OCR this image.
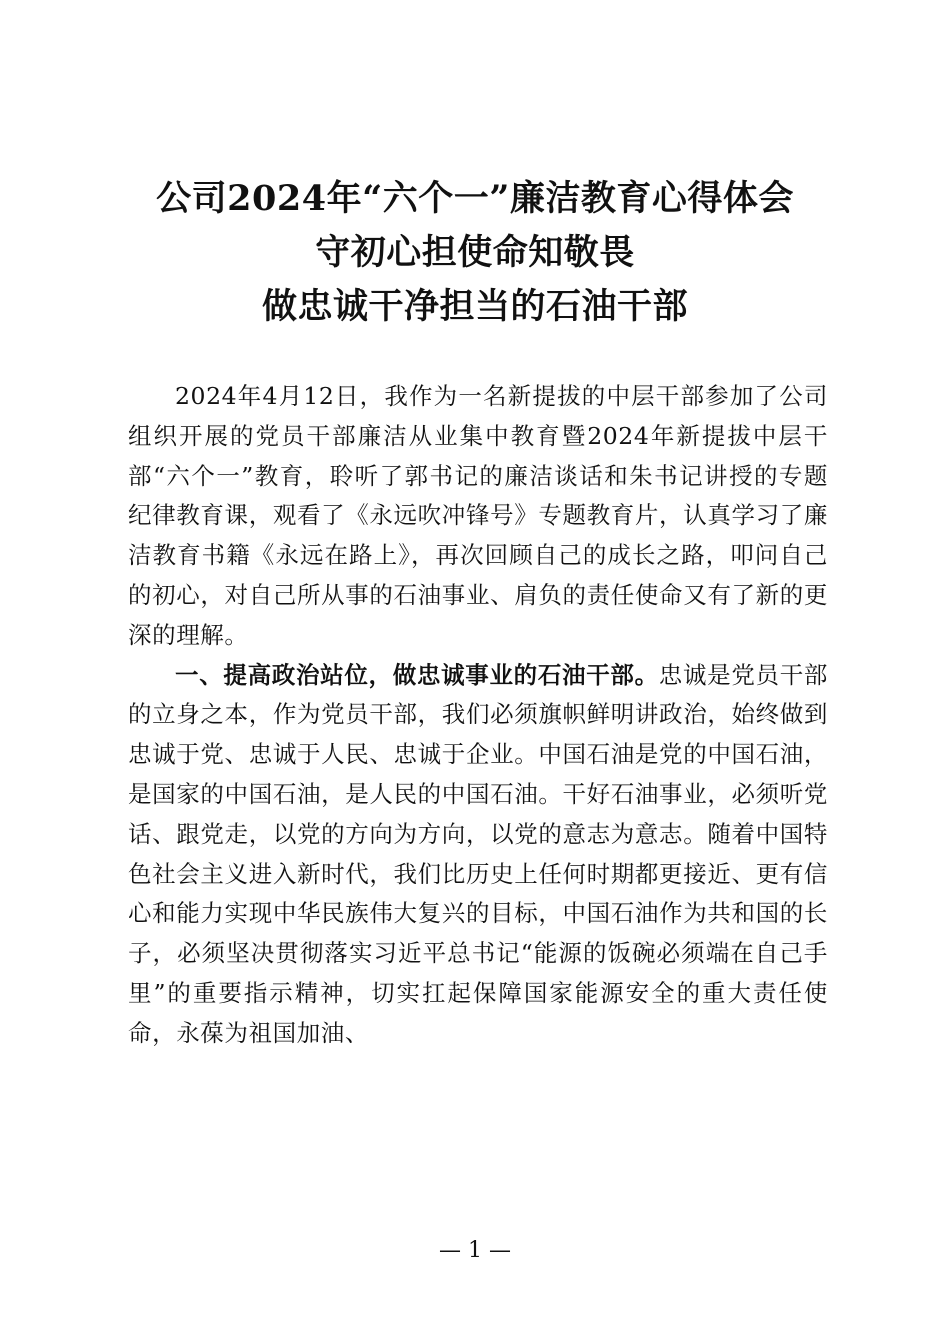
公司2024年“六个一”廉洁教育心得体会
守初心担使命知敬畏
做忠诚干净担当的石油干部

2024年4月12日，我作为一名新提拔的中层干部参加了公司组织开展的党员干部廉洁从业集中教育暨2024年新提拔中层干部“六个一”教育，聆听了郭书记的廉洁谈话和朱书记讲授的专题纪律教育课，观看了《永远吹冲锋号》专题教育片，认真学习了廉洁教育书籍《永远在路上》，再次回顾自己的成长之路，叩问自己的初心，对自己所从事的石油事业、肩负的责任使命又有了新的更深的理解。

一、提高政治站位，做忠诚事业的石油干部。忠诚是党员干部的立身之本，作为党员干部，我们必须旗帜鲜明讲政治，始终做到忠诚于党、忠诚于人民、忠诚于企业。中国石油是党的中国石油，是国家的中国石油，是人民的中国石油。干好石油事业，必须听党话、跟党走，以党的方向为方向，以党的意志为意志。随着中国特色社会主义进入新时代，我们比历史上任何时期都更接近、更有信心和能力实现中华民族伟大复兴的目标，中国石油作为共和国的长子，必须坚决贯彻落实习近平总书记“能源的饭碗必须端在自己手里”的重要指示精神，切实扛起保障国家能源安全的重大责任使命，永葆为祖国加油、

— 1 —
